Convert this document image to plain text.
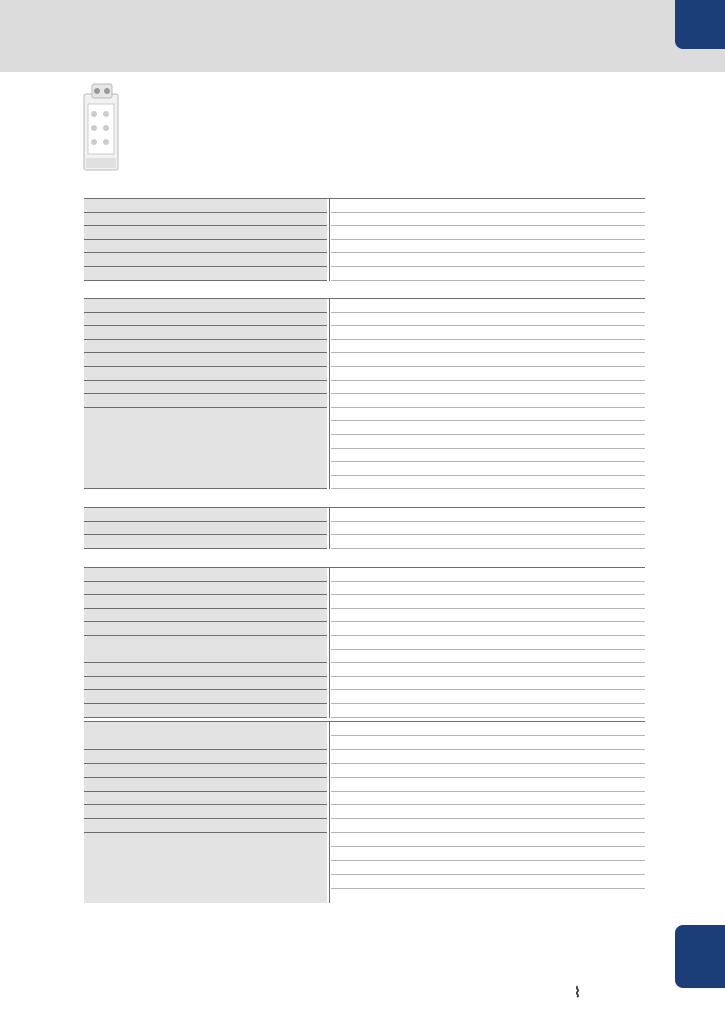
⌇
